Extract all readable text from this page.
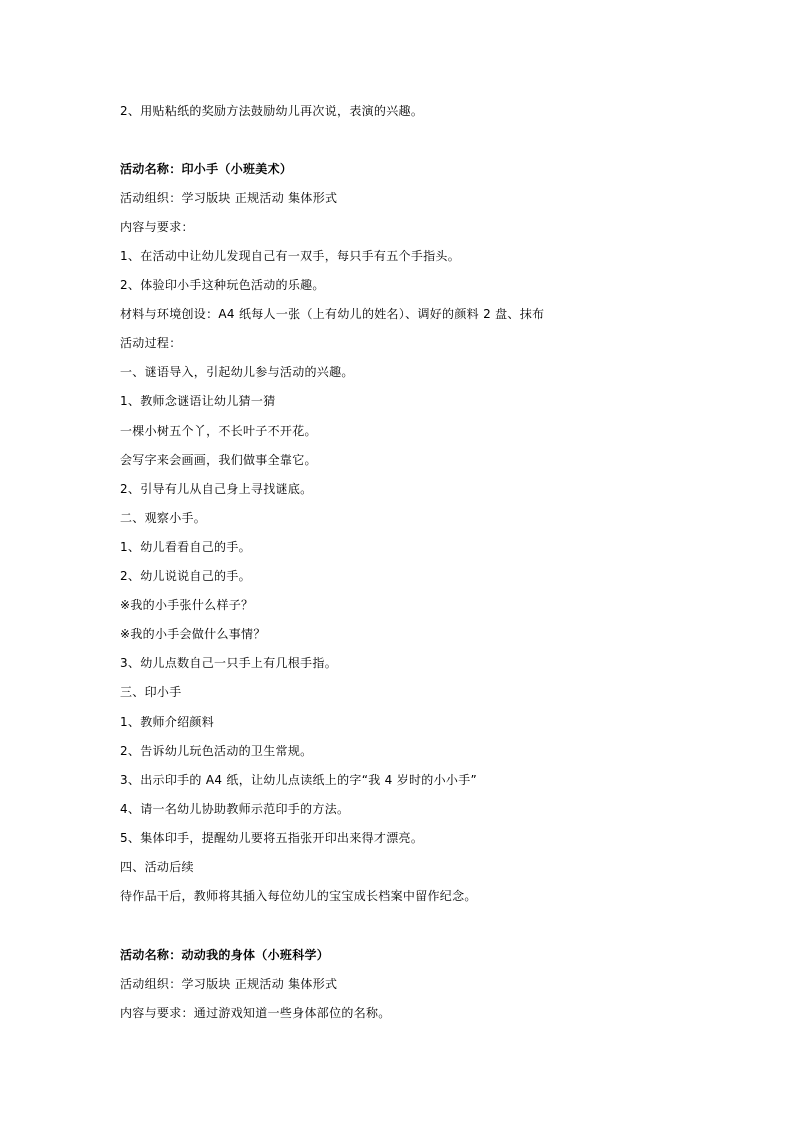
2、用贴粘纸的奖励方法鼓励幼儿再次说，表演的兴趣。
活动名称：印小手（小班美术）
活动组织：学习版块 正规活动 集体形式
内容与要求：
1、在活动中让幼儿发现自己有一双手，每只手有五个手指头。
2、体验印小手这种玩色活动的乐趣。
材料与环境创设：A4 纸每人一张（上有幼儿的姓名）、调好的颜料 2 盘、抹布
活动过程：
一、谜语导入，引起幼儿参与活动的兴趣。
1、教师念谜语让幼儿猜一猜
一棵小树五个丫，不长叶子不开花。
会写字来会画画，我们做事全靠它。
2、引导有儿从自己身上寻找谜底。
二、观察小手。
1、幼儿看看自己的手。
2、幼儿说说自己的手。
※我的小手张什么样子？
※我的小手会做什么事情？
3、幼儿点数自己一只手上有几根手指。
三、印小手
1、教师介绍颜料
2、告诉幼儿玩色活动的卫生常规。
3、出示印手的 A4 纸，让幼儿点读纸上的字“我 4 岁时的小小手”
4、请一名幼儿协助教师示范印手的方法。
5、集体印手，提醒幼儿要将五指张开印出来得才漂亮。
四、活动后续
待作品干后，教师将其插入每位幼儿的宝宝成长档案中留作纪念。
活动名称：动动我的身体（小班科学）
活动组织：学习版块 正规活动 集体形式
内容与要求：通过游戏知道一些身体部位的名称。
